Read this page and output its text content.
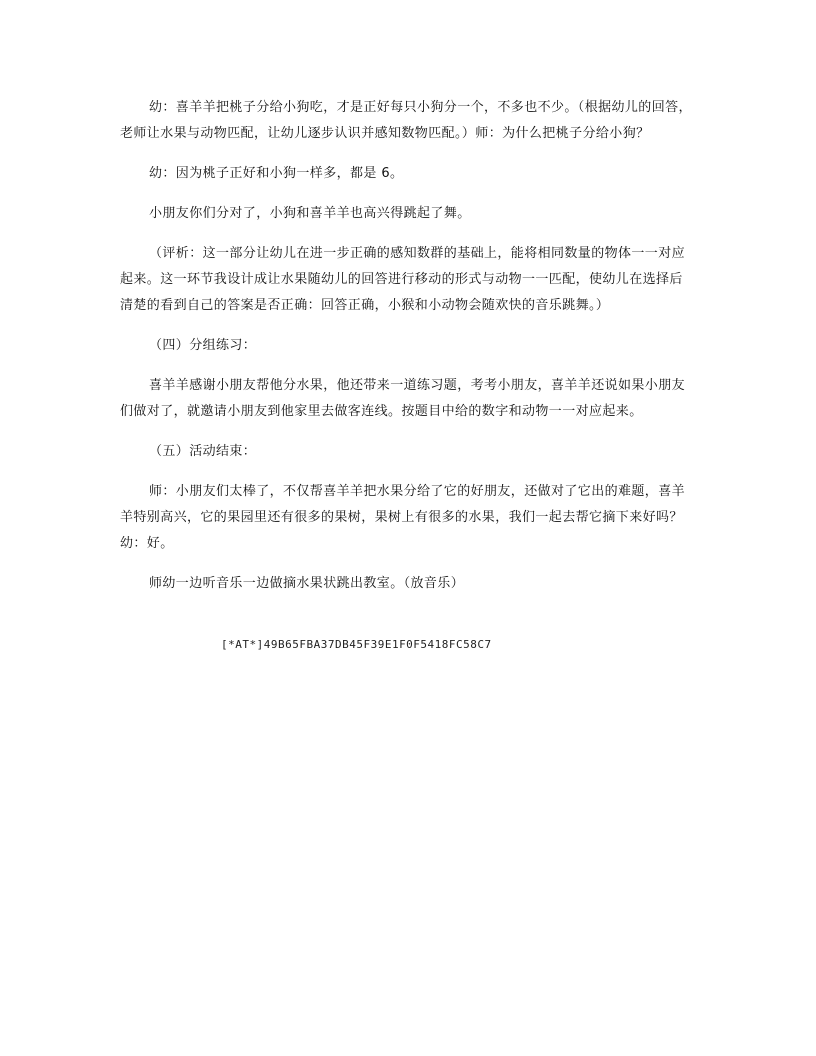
幼：喜羊羊把桃子分给小狗吃，才是正好每只小狗分一个，不多也不少。（根据幼儿的回答，老师让水果与动物匹配，让幼儿逐步认识并感知数物匹配。）师：为什么把桃子分给小狗？

幼：因为桃子正好和小狗一样多，都是 6。

小朋友你们分对了，小狗和喜羊羊也高兴得跳起了舞。

（评析：这一部分让幼儿在进一步正确的感知数群的基础上，能将相同数量的物体一一对应起来。这一环节我设计成让水果随幼儿的回答进行移动的形式与动物一一匹配，使幼儿在选择后清楚的看到自己的答案是否正确：回答正确，小猴和小动物会随欢快的音乐跳舞。）

（四）分组练习：

喜羊羊感谢小朋友帮他分水果，他还带来一道练习题，考考小朋友，喜羊羊还说如果小朋友们做对了，就邀请小朋友到他家里去做客连线。按题目中给的数字和动物一一对应起来。

（五）活动结束：

师：小朋友们太棒了，不仅帮喜羊羊把水果分给了它的好朋友，还做对了它出的难题，喜羊羊特别高兴，它的果园里还有很多的果树，果树上有很多的水果，我们一起去帮它摘下来好吗？幼：好。

师幼一边听音乐一边做摘水果状跳出教室。（放音乐）

[*AT*]49B65FBA37DB45F39E1F0F5418FC58C7
